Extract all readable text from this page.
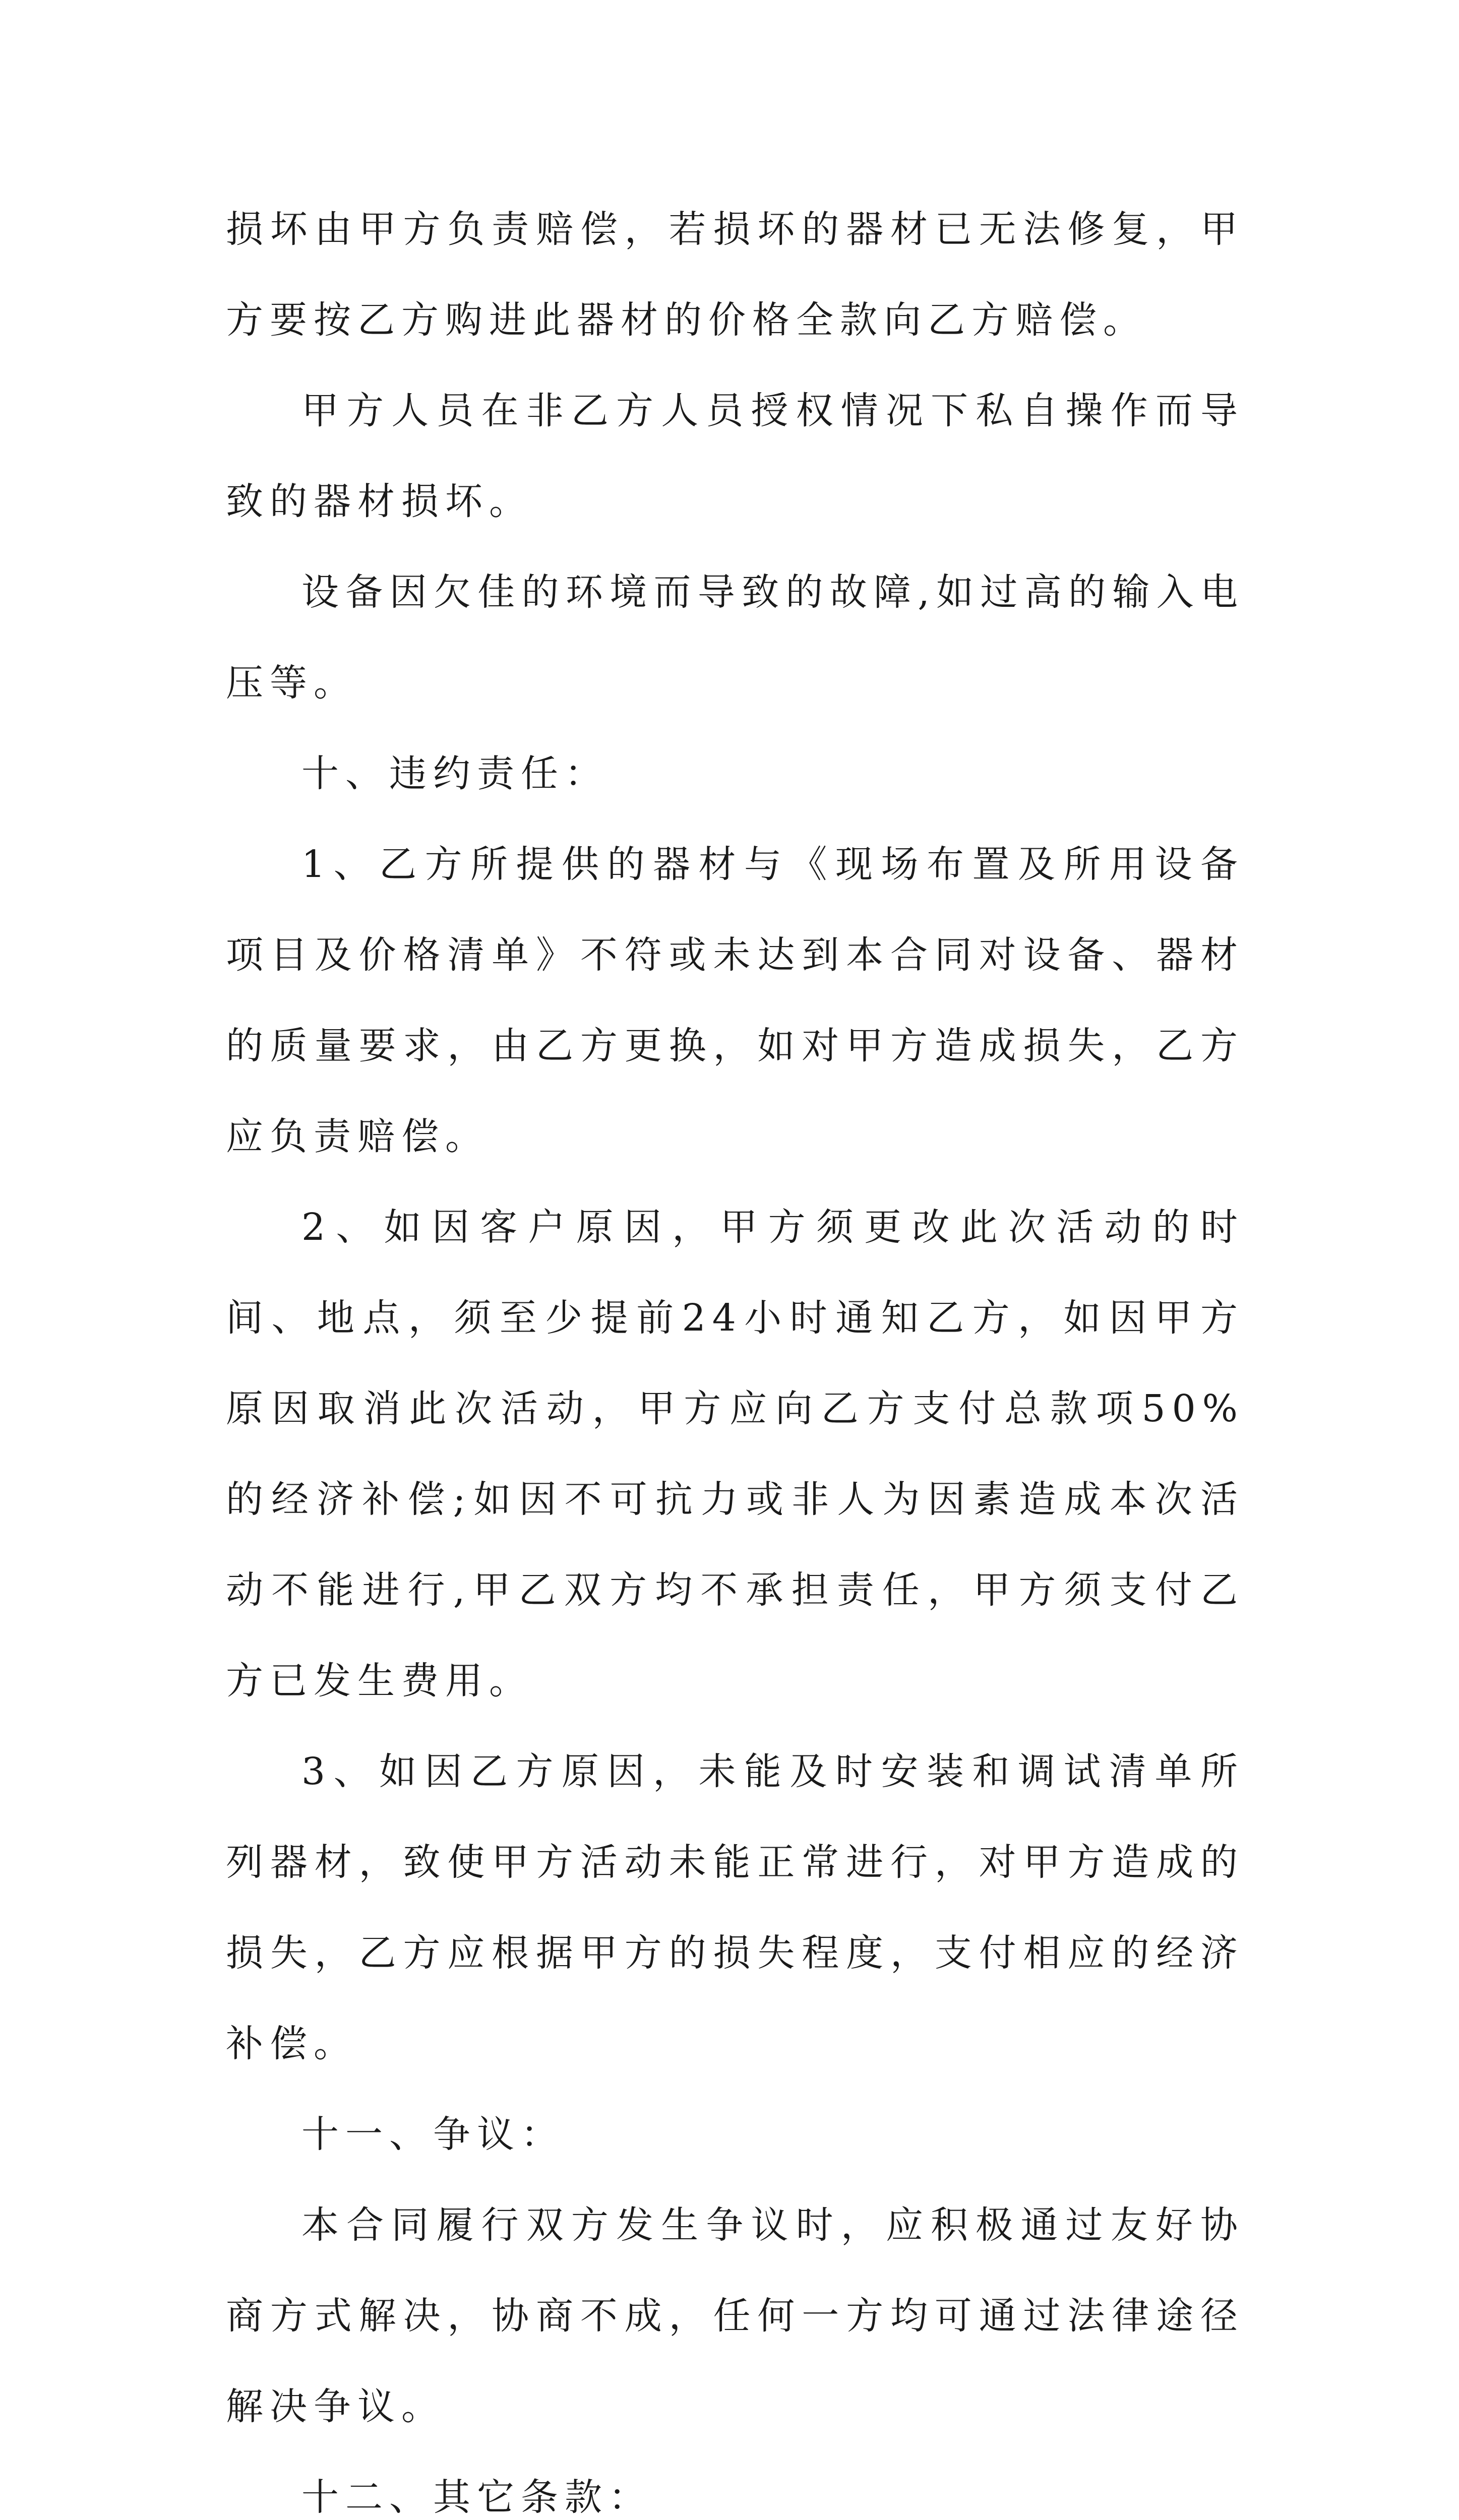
损坏由甲方负责赔偿，若损坏的器材已无法修复，甲方要按乙方购进此器材的价格全款向乙方赔偿。

甲方人员在非乙方人员授权情况下私自操作而导致的器材损坏。

设备因欠佳的环境而导致的故障,如过高的输入电压等。

十、违约责任：

1、乙方所提供的器材与《现场布置及所用设备项目及价格清单》不符或未达到本合同对设备、器材的质量要求，由乙方更换，如对甲方造成损失，乙方应负责赔偿。

2、如因客户原因，甲方须更改此次活动的时间、地点，须至少提前24小时通知乙方，如因甲方原因取消此次活动，甲方应向乙方支付总款项50%的经济补偿;如因不可抗力或非人为因素造成本次活动不能进行,甲乙双方均不承担责任，甲方须支付乙方已发生费用。

3、如因乙方原因，未能及时安装和调试清单所列器材，致使甲方活动未能正常进行，对甲方造成的损失，乙方应根据甲方的损失程度，支付相应的经济补偿。

十一、争议：

本合同履行双方发生争议时，应积极通过友好协商方式解决，协商不成，任何一方均可通过法律途径解决争议。

十二、其它条款：
